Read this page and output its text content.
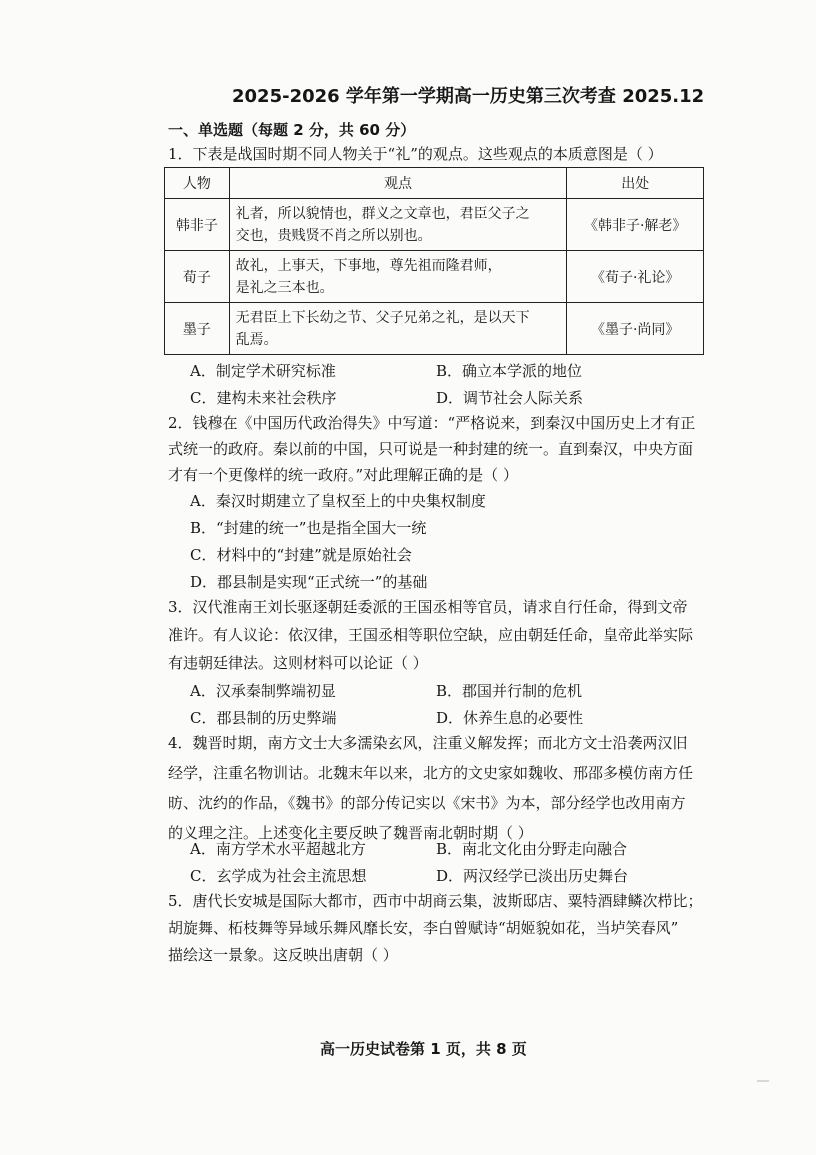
2025-2026 学年第一学期高一历史第三次考查 2025.12
一、单选题（每题 2 分，共 60 分）
1．下表是战国时期不同人物关于“礼”的观点。这些观点的本质意图是（ ）
人物	观点	出处
韩非子	礼者，所以貌情也，群义之文章也，君臣父子之
交也，贵贱贤不肖之所以别也。	《韩非子·解老》
荀子	故礼，上事天，下事地，尊先祖而隆君师，
是礼之三本也。	《荀子·礼论》
墨子	无君臣上下长幼之节、父子兄弟之礼，是以天下
乱焉。	《墨子·尚同》
A．制定学术研究标准	B．确立本学派的地位
C．建构未来社会秩序	D．调节社会人际关系
2．钱穆在《中国历代政治得失》中写道：“严格说来，到秦汉中国历史上才有正
式统一的政府。秦以前的中国，只可说是一种封建的统一。直到秦汉，中央方面
才有一个更像样的统一政府。”对此理解正确的是（ ）
A．秦汉时期建立了皇权至上的中央集权制度
B．“封建的统一”也是指全国大一统
C．材料中的“封建”就是原始社会
D．郡县制是实现“正式统一”的基础
3．汉代淮南王刘长驱逐朝廷委派的王国丞相等官员，请求自行任命，得到文帝
准许。有人议论：依汉律，王国丞相等职位空缺，应由朝廷任命，皇帝此举实际
有违朝廷律法。这则材料可以论证（ ）
A．汉承秦制弊端初显	B．郡国并行制的危机
C．郡县制的历史弊端	D．休养生息的必要性
4．魏晋时期，南方文士大多濡染玄风，注重义解发挥；而北方文士沿袭两汉旧
经学，注重名物训诂。北魏末年以来，北方的文史家如魏收、邢邵多模仿南方任
昉、沈约的作品，《魏书》的部分传记实以《宋书》为本，部分经学也改用南方
的义理之注。上述变化主要反映了魏晋南北朝时期（ ）
A．南方学术水平超越北方	B．南北文化由分野走向融合
C．玄学成为社会主流思想	D．两汉经学已淡出历史舞台
5．唐代长安城是国际大都市，西市中胡商云集，波斯邸店、粟特酒肆鳞次栉比；
胡旋舞、柘枝舞等异域乐舞风靡长安，李白曾赋诗“胡姬貌如花，当垆笑春风”
描绘这一景象。这反映出唐朝（ ）
高一历史试卷第 1 页，共 8 页
